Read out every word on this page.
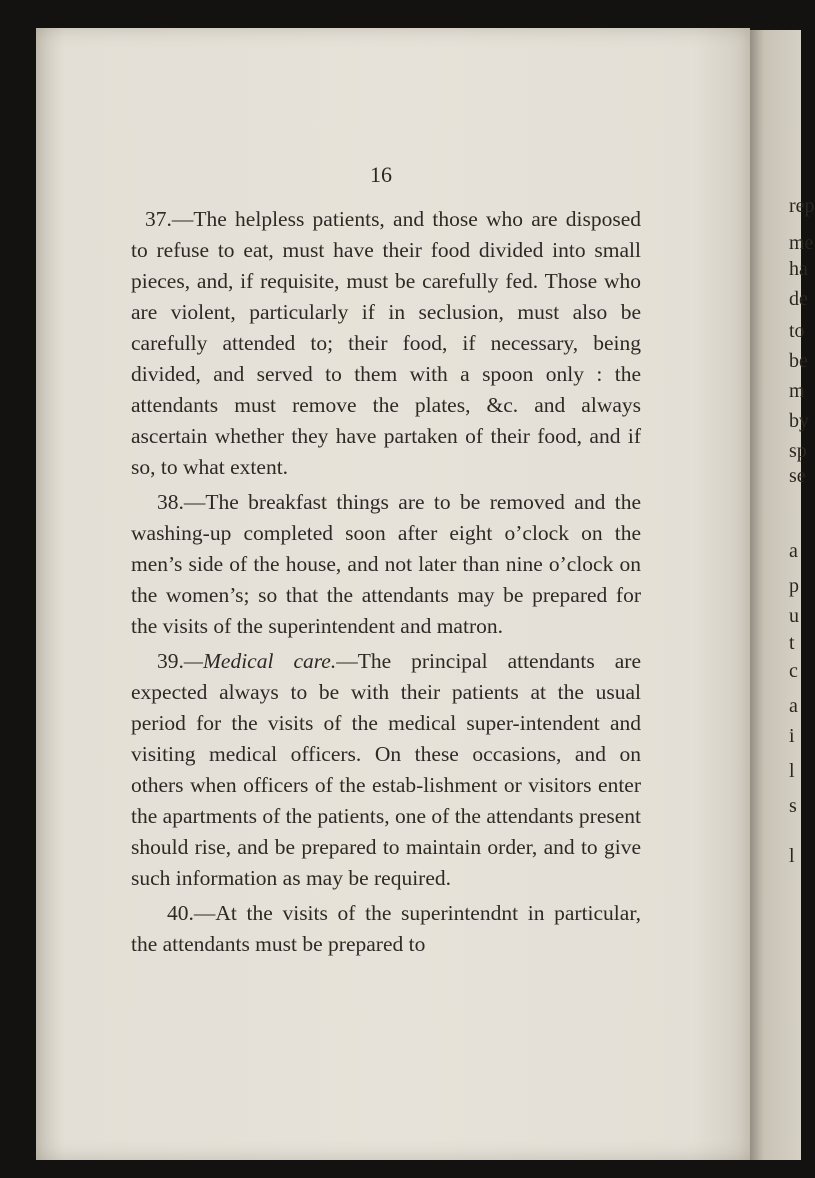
rep
me
ha
de
to
be
m
by
sp
se
a
p
u
t
c
a
i
l
s
l
16

37.—The helpless patients, and those who are disposed to refuse to eat, must have their food divided into small pieces, and, if requisite, must be carefully fed. Those who are violent, particularly if in seclusion, must also be carefully attended to; their food, if necessary, being divided, and served to them with a spoon only : the attendants must remove the plates, &c. and always ascertain whether they have partaken of their food, and if so, to what extent.

38.—The breakfast things are to be removed and the washing-up completed soon after eight o’clock on the men’s side of the house, and not later than nine o’clock on the women’s; so that the attendants may be prepared for the visits of the superintendent and matron.

39.—Medical care.—The principal attendants are expected always to be with their patients at the usual period for the visits of the medical super-intendent and visiting medical officers. On these occasions, and on others when officers of the estab-lishment or visitors enter the apartments of the patients, one of the attendants present should rise, and be prepared to maintain order, and to give such information as may be required.

40.—At the visits of the superintendnt in particular, the attendants must be prepared to
